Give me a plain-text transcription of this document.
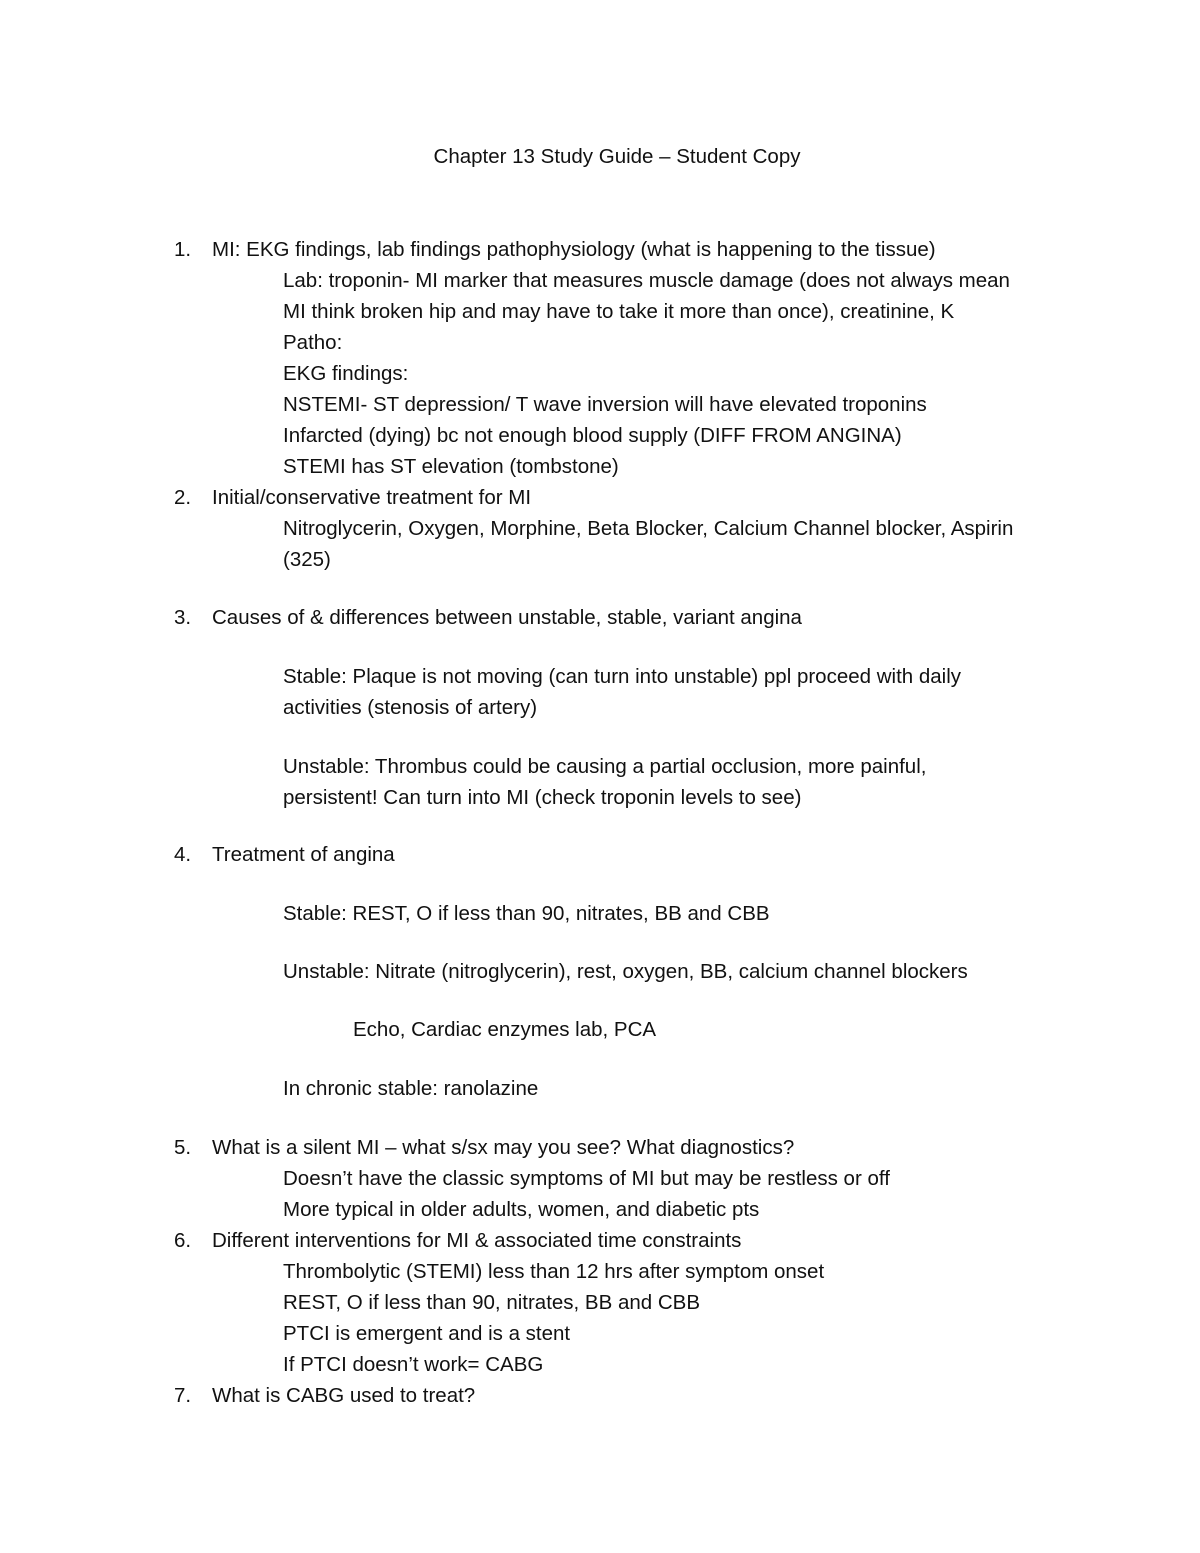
Chapter 13 Study Guide – Student Copy
1. MI: EKG findings, lab findings pathophysiology (what is happening to the tissue)
Lab: troponin- MI marker that measures muscle damage (does not always mean
MI think broken hip and may have to take it more than once), creatinine, K
Patho:
EKG findings:
NSTEMI- ST depression/ T wave inversion will have elevated troponins
Infarcted (dying) bc not enough blood supply (DIFF FROM ANGINA)
STEMI has ST elevation (tombstone)
2. Initial/conservative treatment for MI
Nitroglycerin, Oxygen, Morphine, Beta Blocker, Calcium Channel blocker, Aspirin
(325)
3. Causes of & differences between unstable, stable, variant angina
Stable: Plaque is not moving (can turn into unstable) ppl proceed with daily
activities (stenosis of artery)
Unstable: Thrombus could be causing a partial occlusion, more painful,
persistent! Can turn into MI (check troponin levels to see)
4. Treatment of angina
Stable: REST, O if less than 90, nitrates, BB and CBB
Unstable: Nitrate (nitroglycerin), rest, oxygen, BB, calcium channel blockers
Echo, Cardiac enzymes lab, PCA
In chronic stable: ranolazine
5. What is a silent MI – what s/sx may you see? What diagnostics?
Doesn’t have the classic symptoms of MI but may be restless or off
More typical in older adults, women, and diabetic pts
6. Different interventions for MI & associated time constraints
Thrombolytic (STEMI) less than 12 hrs after symptom onset
REST, O if less than 90, nitrates, BB and CBB
PTCI is emergent and is a stent
If PTCI doesn’t work= CABG
7. What is CABG used to treat?
